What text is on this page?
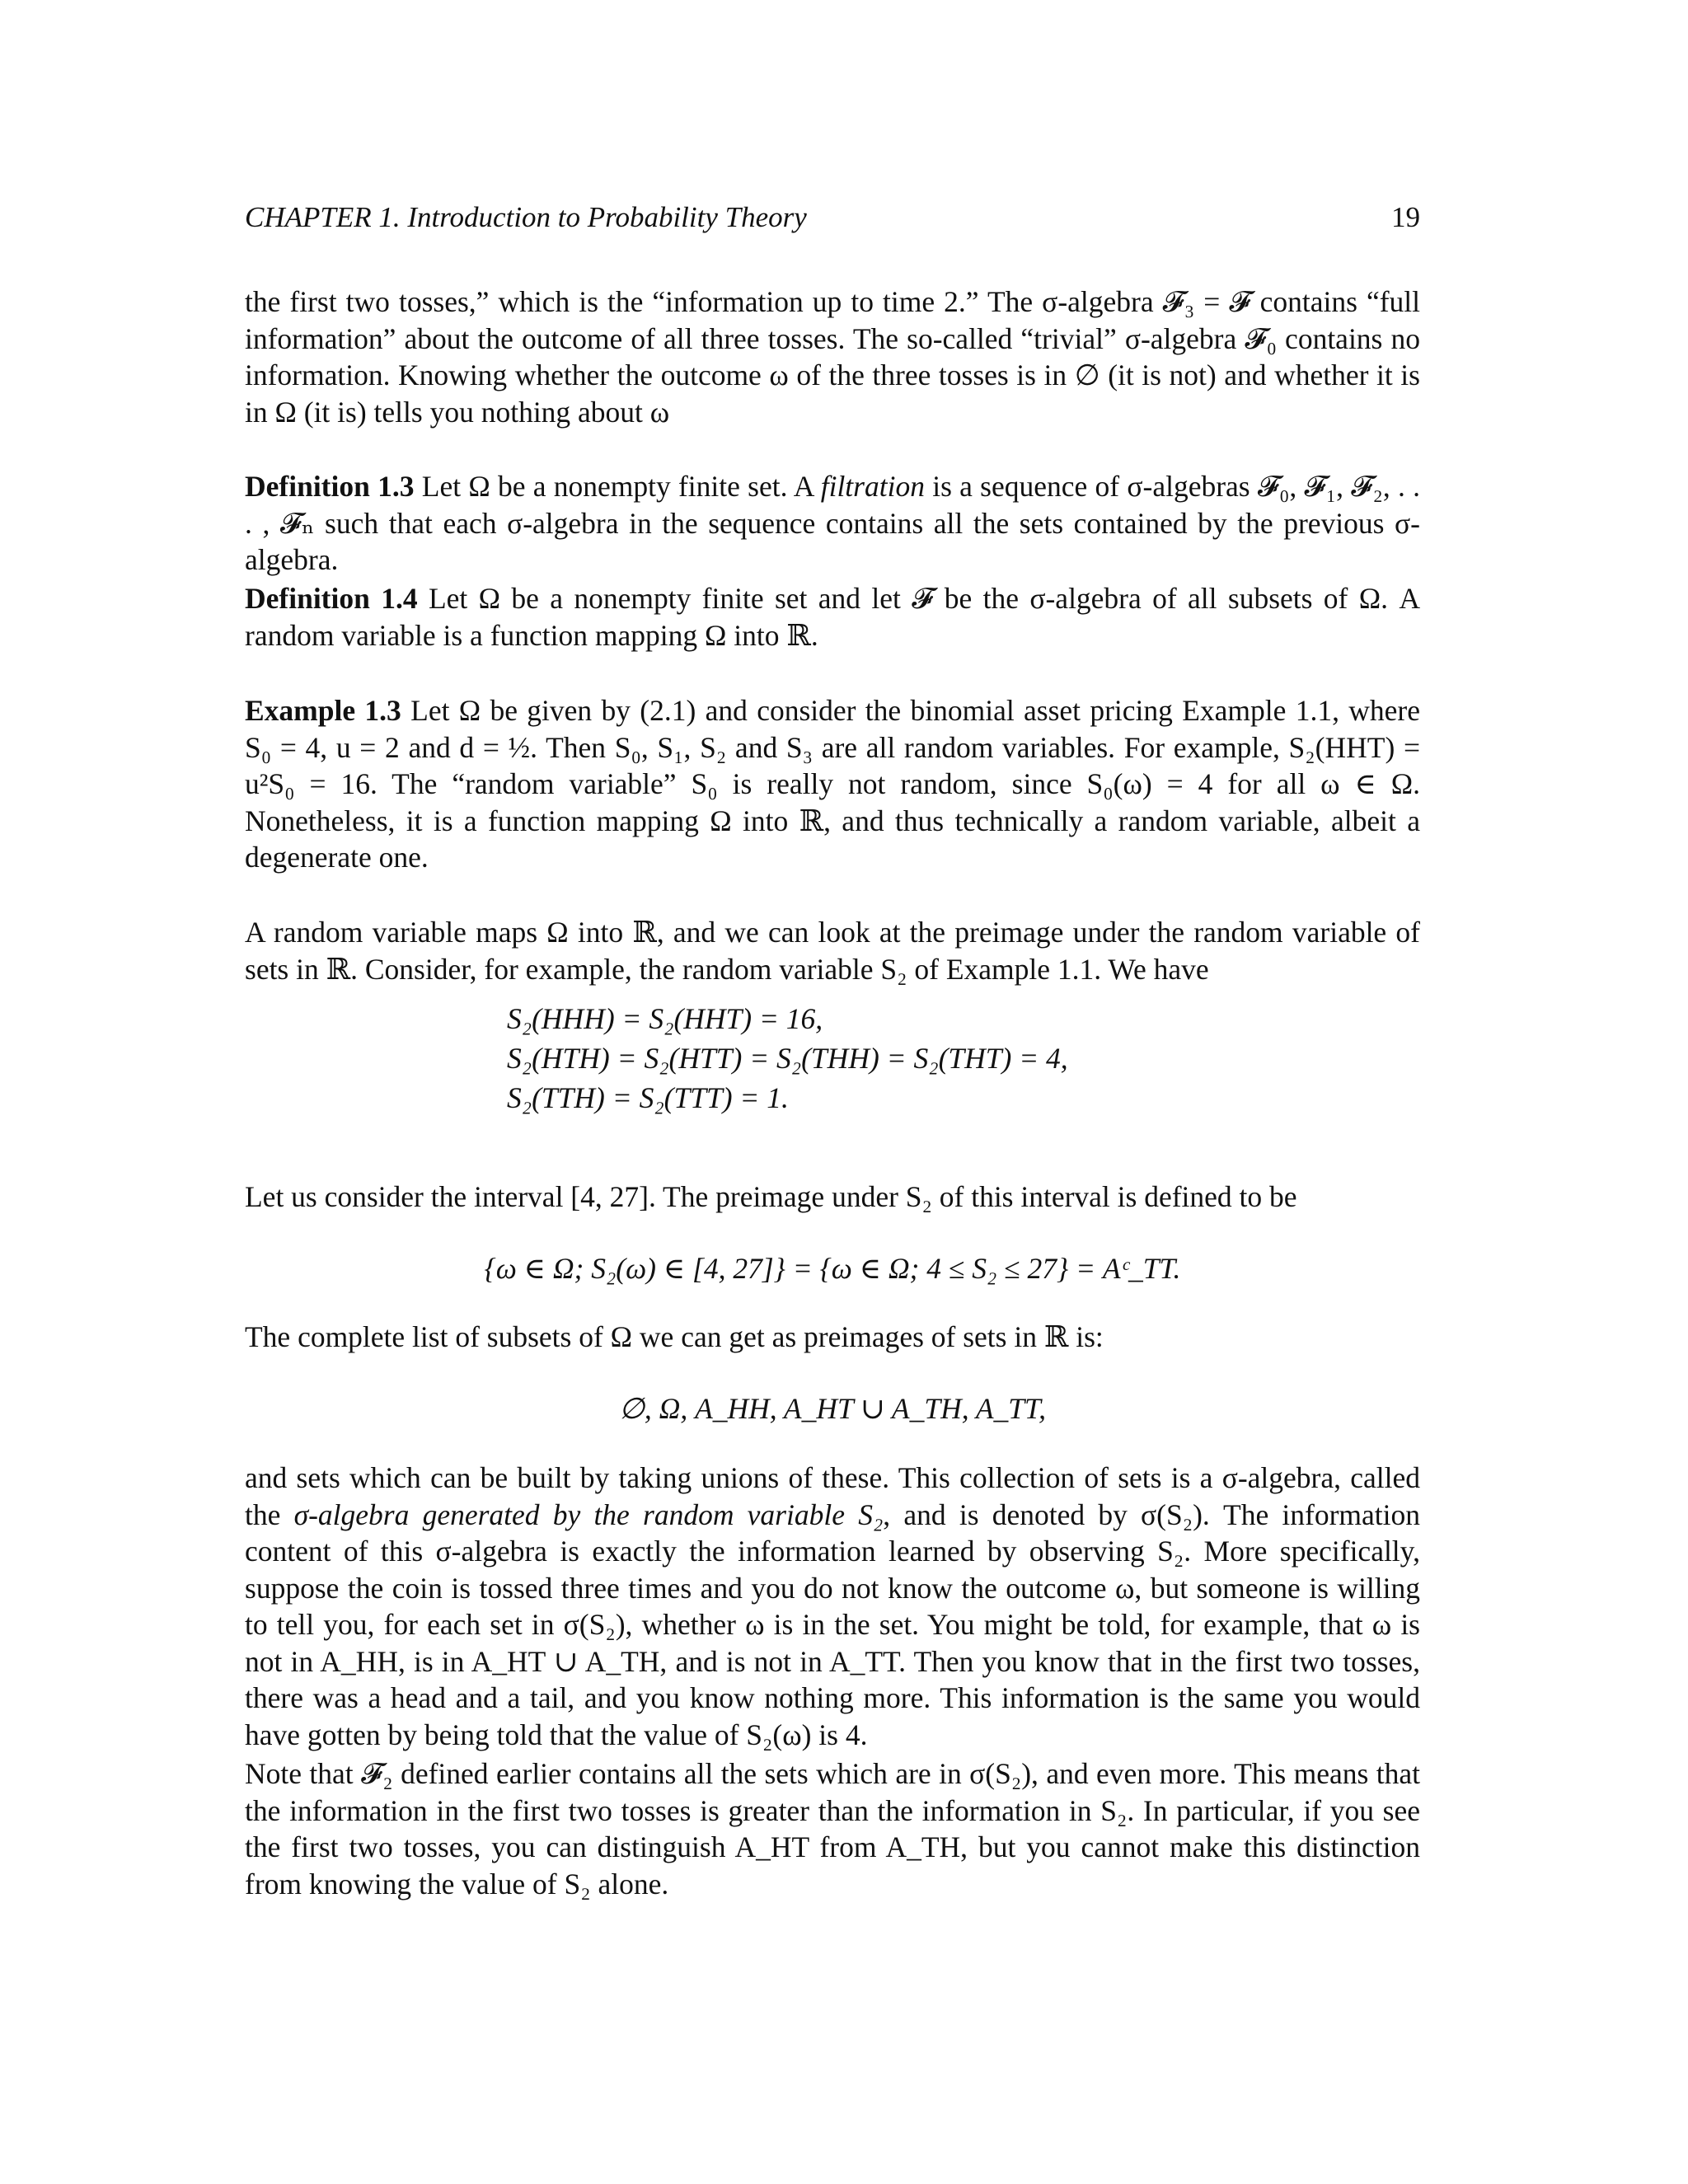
CHAPTER 1. Introduction to Probability Theory	19

the first two tosses,” which is the “information up to time 2.” The σ-algebra 𝓕₃ = 𝓕 contains “full information” about the outcome of all three tosses. The so-called “trivial” σ-algebra 𝓕₀ contains no information. Knowing whether the outcome ω of the three tosses is in ∅ (it is not) and whether it is in Ω (it is) tells you nothing about ω

Definition 1.3 Let Ω be a nonempty finite set. A filtration is a sequence of σ-algebras 𝓕₀, 𝓕₁, 𝓕₂, . . . , 𝓕ₙ such that each σ-algebra in the sequence contains all the sets contained by the previous σ-algebra.

Definition 1.4 Let Ω be a nonempty finite set and let 𝓕 be the σ-algebra of all subsets of Ω. A random variable is a function mapping Ω into ℝ.

Example 1.3 Let Ω be given by (2.1) and consider the binomial asset pricing Example 1.1, where S₀ = 4, u = 2 and d = ½. Then S₀, S₁, S₂ and S₃ are all random variables. For example, S₂(HHT) = u²S₀ = 16. The “random variable” S₀ is really not random, since S₀(ω) = 4 for all ω ∈ Ω. Nonetheless, it is a function mapping Ω into ℝ, and thus technically a random variable, albeit a degenerate one.

A random variable maps Ω into ℝ, and we can look at the preimage under the random variable of sets in ℝ. Consider, for example, the random variable S₂ of Example 1.1. We have

S₂(HHH) = S₂(HHT) = 16,
S₂(HTH) = S₂(HTT) = S₂(THH) = S₂(THT) = 4,
S₂(TTH) = S₂(TTT) = 1.

Let us consider the interval [4, 27]. The preimage under S₂ of this interval is defined to be

{ω ∈ Ω; S₂(ω) ∈ [4, 27]} = {ω ∈ Ω; 4 ≤ S₂ ≤ 27} = Aᶜ_TT.

The complete list of subsets of Ω we can get as preimages of sets in ℝ is:

∅, Ω, A_HH, A_HT ∪ A_TH, A_TT,

and sets which can be built by taking unions of these. This collection of sets is a σ-algebra, called the σ-algebra generated by the random variable S₂, and is denoted by σ(S₂). The information content of this σ-algebra is exactly the information learned by observing S₂. More specifically, suppose the coin is tossed three times and you do not know the outcome ω, but someone is willing to tell you, for each set in σ(S₂), whether ω is in the set. You might be told, for example, that ω is not in A_HH, is in A_HT ∪ A_TH, and is not in A_TT. Then you know that in the first two tosses, there was a head and a tail, and you know nothing more. This information is the same you would have gotten by being told that the value of S₂(ω) is 4.

Note that 𝓕₂ defined earlier contains all the sets which are in σ(S₂), and even more. This means that the information in the first two tosses is greater than the information in S₂. In particular, if you see the first two tosses, you can distinguish A_HT from A_TH, but you cannot make this distinction from knowing the value of S₂ alone.
